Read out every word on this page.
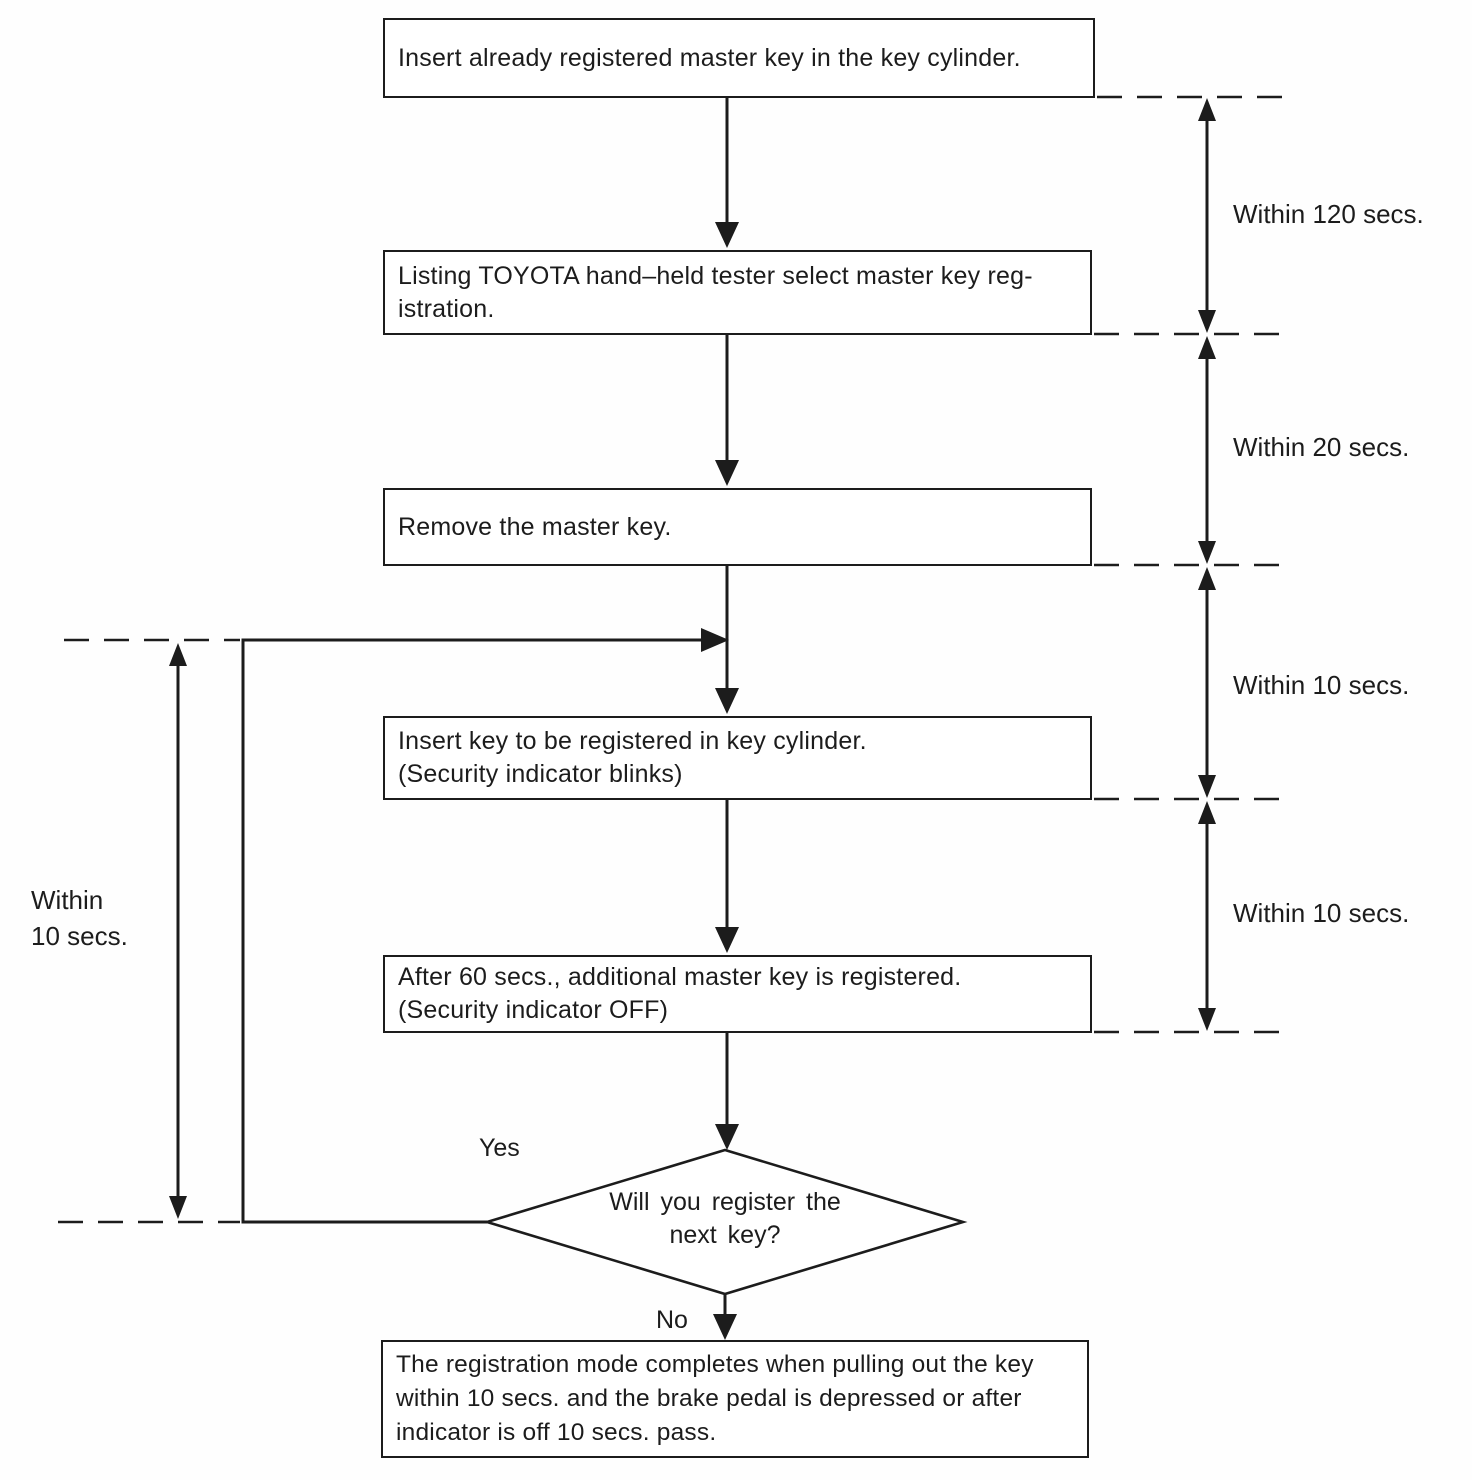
Insert already registered master key in the key cylinder.
Listing TOYOTA hand–held tester select master key reg-
istration.
Remove the master key.
Insert key to be registered in key cylinder.
(Security indicator blinks)
After 60 secs., additional master key is registered.
(Security indicator OFF)
The registration mode completes when pulling out the key
within 10 secs. and the brake pedal is depressed or after
indicator is off 10 secs. pass.
Will you register the
next key?
Yes
No
Within 120 secs.
Within 20 secs.
Within 10 secs.
Within 10 secs.
Within
10 secs.
